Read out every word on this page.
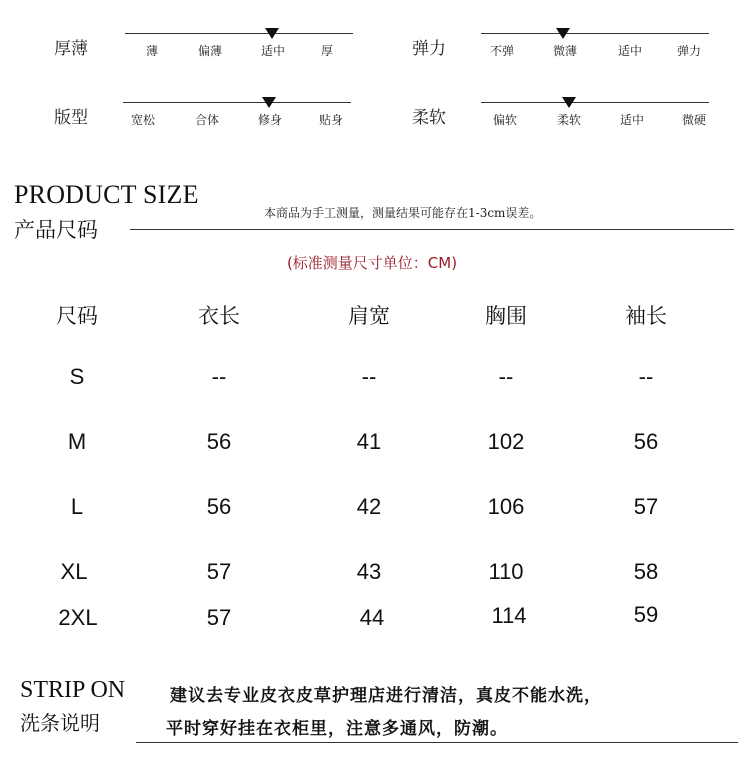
厚薄	薄	偏薄	适中	厚	弹力	不弹	微薄	适中	弹力
版型	宽松	合体	修身	贴身	柔软	偏软	柔软	适中	微硬
PRODUCT SIZE
产品尺码
本商品为手工测量，测量结果可能存在1-3cm误差。
(标准测量尺寸单位：CM)
尺码	衣长	肩宽	胸围	袖长
S	--	--	--	--
M	56	41	102	56
L	56	42	106	57
XL	57	43	110	58
2XL	57	44	114	59
STRIP ON
洗条说明
建议去专业皮衣皮草护理店进行清洁，真皮不能水洗，
平时穿好挂在衣柜里，注意多通风，防潮。
